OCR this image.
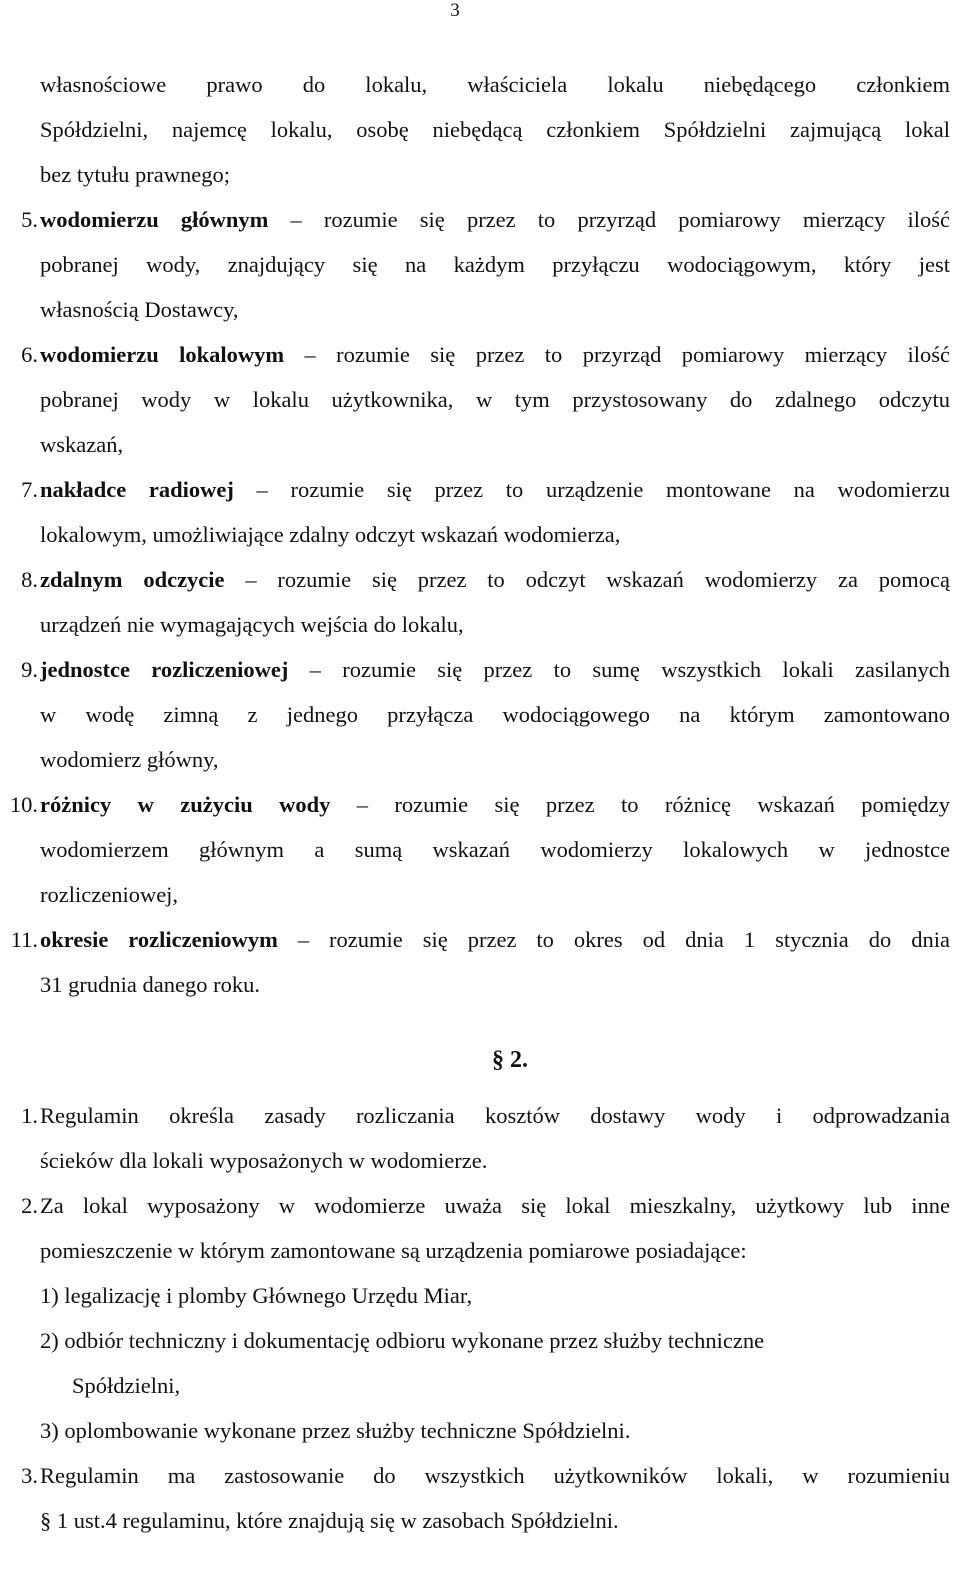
3
własnościowe prawo do lokalu, właściciela lokalu niebędącego członkiem
Spółdzielni, najemcę lokalu, osobę niebędącą członkiem Spółdzielni zajmującą lokal
bez tytułu prawnego;
5. wodomierzu głównym – rozumie się przez to przyrząd pomiarowy mierzący ilość
pobranej wody, znajdujący się na każdym przyłączu wodociągowym, który jest
własnością Dostawcy,
6. wodomierzu lokalowym – rozumie się przez to przyrząd pomiarowy mierzący ilość
pobranej wody w lokalu użytkownika, w tym przystosowany do zdalnego odczytu
wskazań,
7. nakładce radiowej – rozumie się przez to urządzenie montowane na wodomierzu
lokalowym, umożliwiające zdalny odczyt wskazań wodomierza,
8. zdalnym odczycie – rozumie się przez to odczyt wskazań wodomierzy za pomocą
urządzeń nie wymagających wejścia do lokalu,
9. jednostce rozliczeniowej – rozumie się przez to sumę wszystkich lokali zasilanych
w wodę zimną z jednego przyłącza wodociągowego na którym zamontowano
wodomierz główny,
10. różnicy w zużyciu wody – rozumie się przez to różnicę wskazań pomiędzy
wodomierzem głównym a sumą wskazań wodomierzy lokalowych w jednostce
rozliczeniowej,
11. okresie rozliczeniowym – rozumie się przez to okres od dnia 1 stycznia do dnia
31 grudnia danego roku.
§ 2.
1. Regulamin określa zasady rozliczania kosztów dostawy wody i odprowadzania
ścieków dla lokali wyposażonych w wodomierze.
2. Za lokal wyposażony w wodomierze uważa się lokal mieszkalny, użytkowy lub inne
pomieszczenie w którym zamontowane są urządzenia pomiarowe posiadające:
1) legalizację i plomby Głównego Urzędu Miar,
2) odbiór techniczny i dokumentację odbioru wykonane przez służby techniczne
Spółdzielni,
3) oplombowanie wykonane przez służby techniczne Spółdzielni.
3. Regulamin ma zastosowanie do wszystkich użytkowników lokali, w rozumieniu
§ 1 ust.4 regulaminu, które znajdują się w zasobach Spółdzielni.
